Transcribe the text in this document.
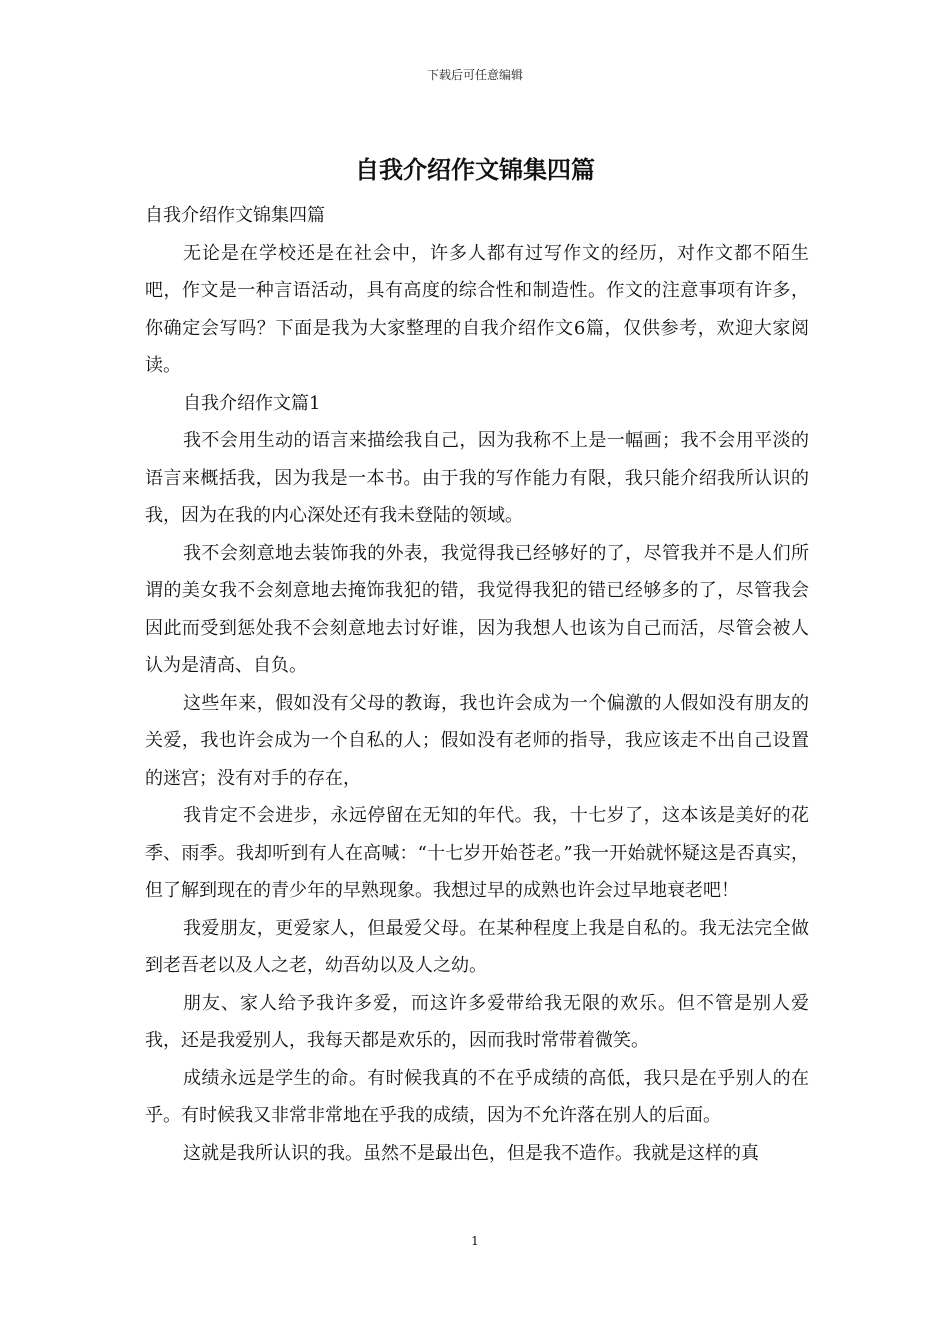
下载后可任意编辑
自我介绍作文锦集四篇

自我介绍作文锦集四篇

无论是在学校还是在社会中，许多人都有过写作文的经历，对作文都不陌生吧，作文是一种言语活动，具有高度的综合性和制造性。作文的注意事项有许多，你确定会写吗？下面是我为大家整理的自我介绍作文6篇，仅供参考，欢迎大家阅读。

自我介绍作文篇1

我不会用生动的语言来描绘我自己，因为我称不上是一幅画；我不会用平淡的语言来概括我，因为我是一本书。由于我的写作能力有限，我只能介绍我所认识的我，因为在我的内心深处还有我未登陆的领域。

我不会刻意地去装饰我的外表，我觉得我已经够好的了，尽管我并不是人们所谓的美女我不会刻意地去掩饰我犯的错，我觉得我犯的错已经够多的了，尽管我会因此而受到惩处我不会刻意地去讨好谁，因为我想人也该为自己而活，尽管会被人认为是清高、自负。

这些年来，假如没有父母的教诲，我也许会成为一个偏激的人假如没有朋友的关爱，我也许会成为一个自私的人；假如没有老师的指导，我应该走不出自己设置的迷宫；没有对手的存在，

我肯定不会进步，永远停留在无知的年代。我，十七岁了，这本该是美好的花季、雨季。我却听到有人在高喊：“十七岁开始苍老。”我一开始就怀疑这是否真实，但了解到现在的青少年的早熟现象。我想过早的成熟也许会过早地衰老吧！

我爱朋友，更爱家人，但最爱父母。在某种程度上我是自私的。我无法完全做到老吾老以及人之老，幼吾幼以及人之幼。

朋友、家人给予我许多爱，而这许多爱带给我无限的欢乐。但不管是别人爱我，还是我爱别人，我每天都是欢乐的，因而我时常带着微笑。

成绩永远是学生的命。有时候我真的不在乎成绩的高低，我只是在乎别人的在乎。有时候我又非常非常地在乎我的成绩，因为不允许落在别人的后面。

这就是我所认识的我。虽然不是最出色，但是我不造作。我就是这样的真

1
